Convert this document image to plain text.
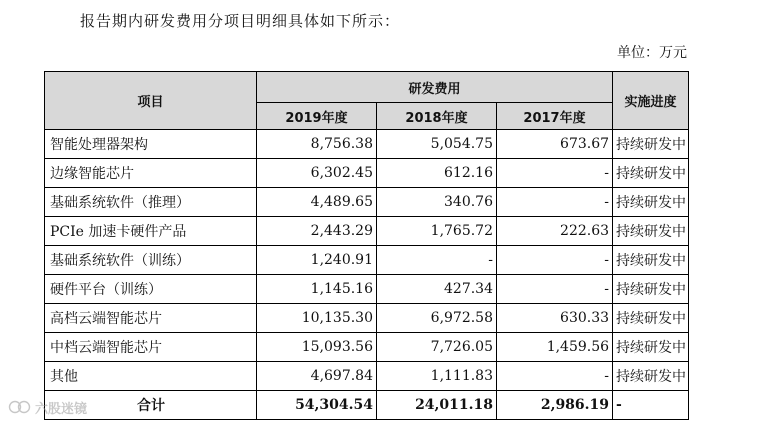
报告期内研发费用分项目明细具体如下所示：
单位：万元
项目	研发费用			实施进度
	2019年度	2018年度	2017年度	
智能处理器架构	8,756.38	5,054.75	673.67	持续研发中
边缘智能芯片	6,302.45	612.16	-	持续研发中
基础系统软件（推理）	4,489.65	340.76	-	持续研发中
PCIe 加速卡硬件产品	2,443.29	1,765.72	222.63	持续研发中
基础系统软件（训练）	1,240.91	-	-	持续研发中
硬件平台（训练）	1,145.16	427.34	-	持续研发中
高档云端智能芯片	10,135.30	6,972.58	630.33	持续研发中
中档云端智能芯片	15,093.56	7,726.05	1,459.56	持续研发中
其他	4,697.84	1,111.83	-	持续研发中
合计	54,304.54	24,011.18	2,986.19	-
六股迷镜
